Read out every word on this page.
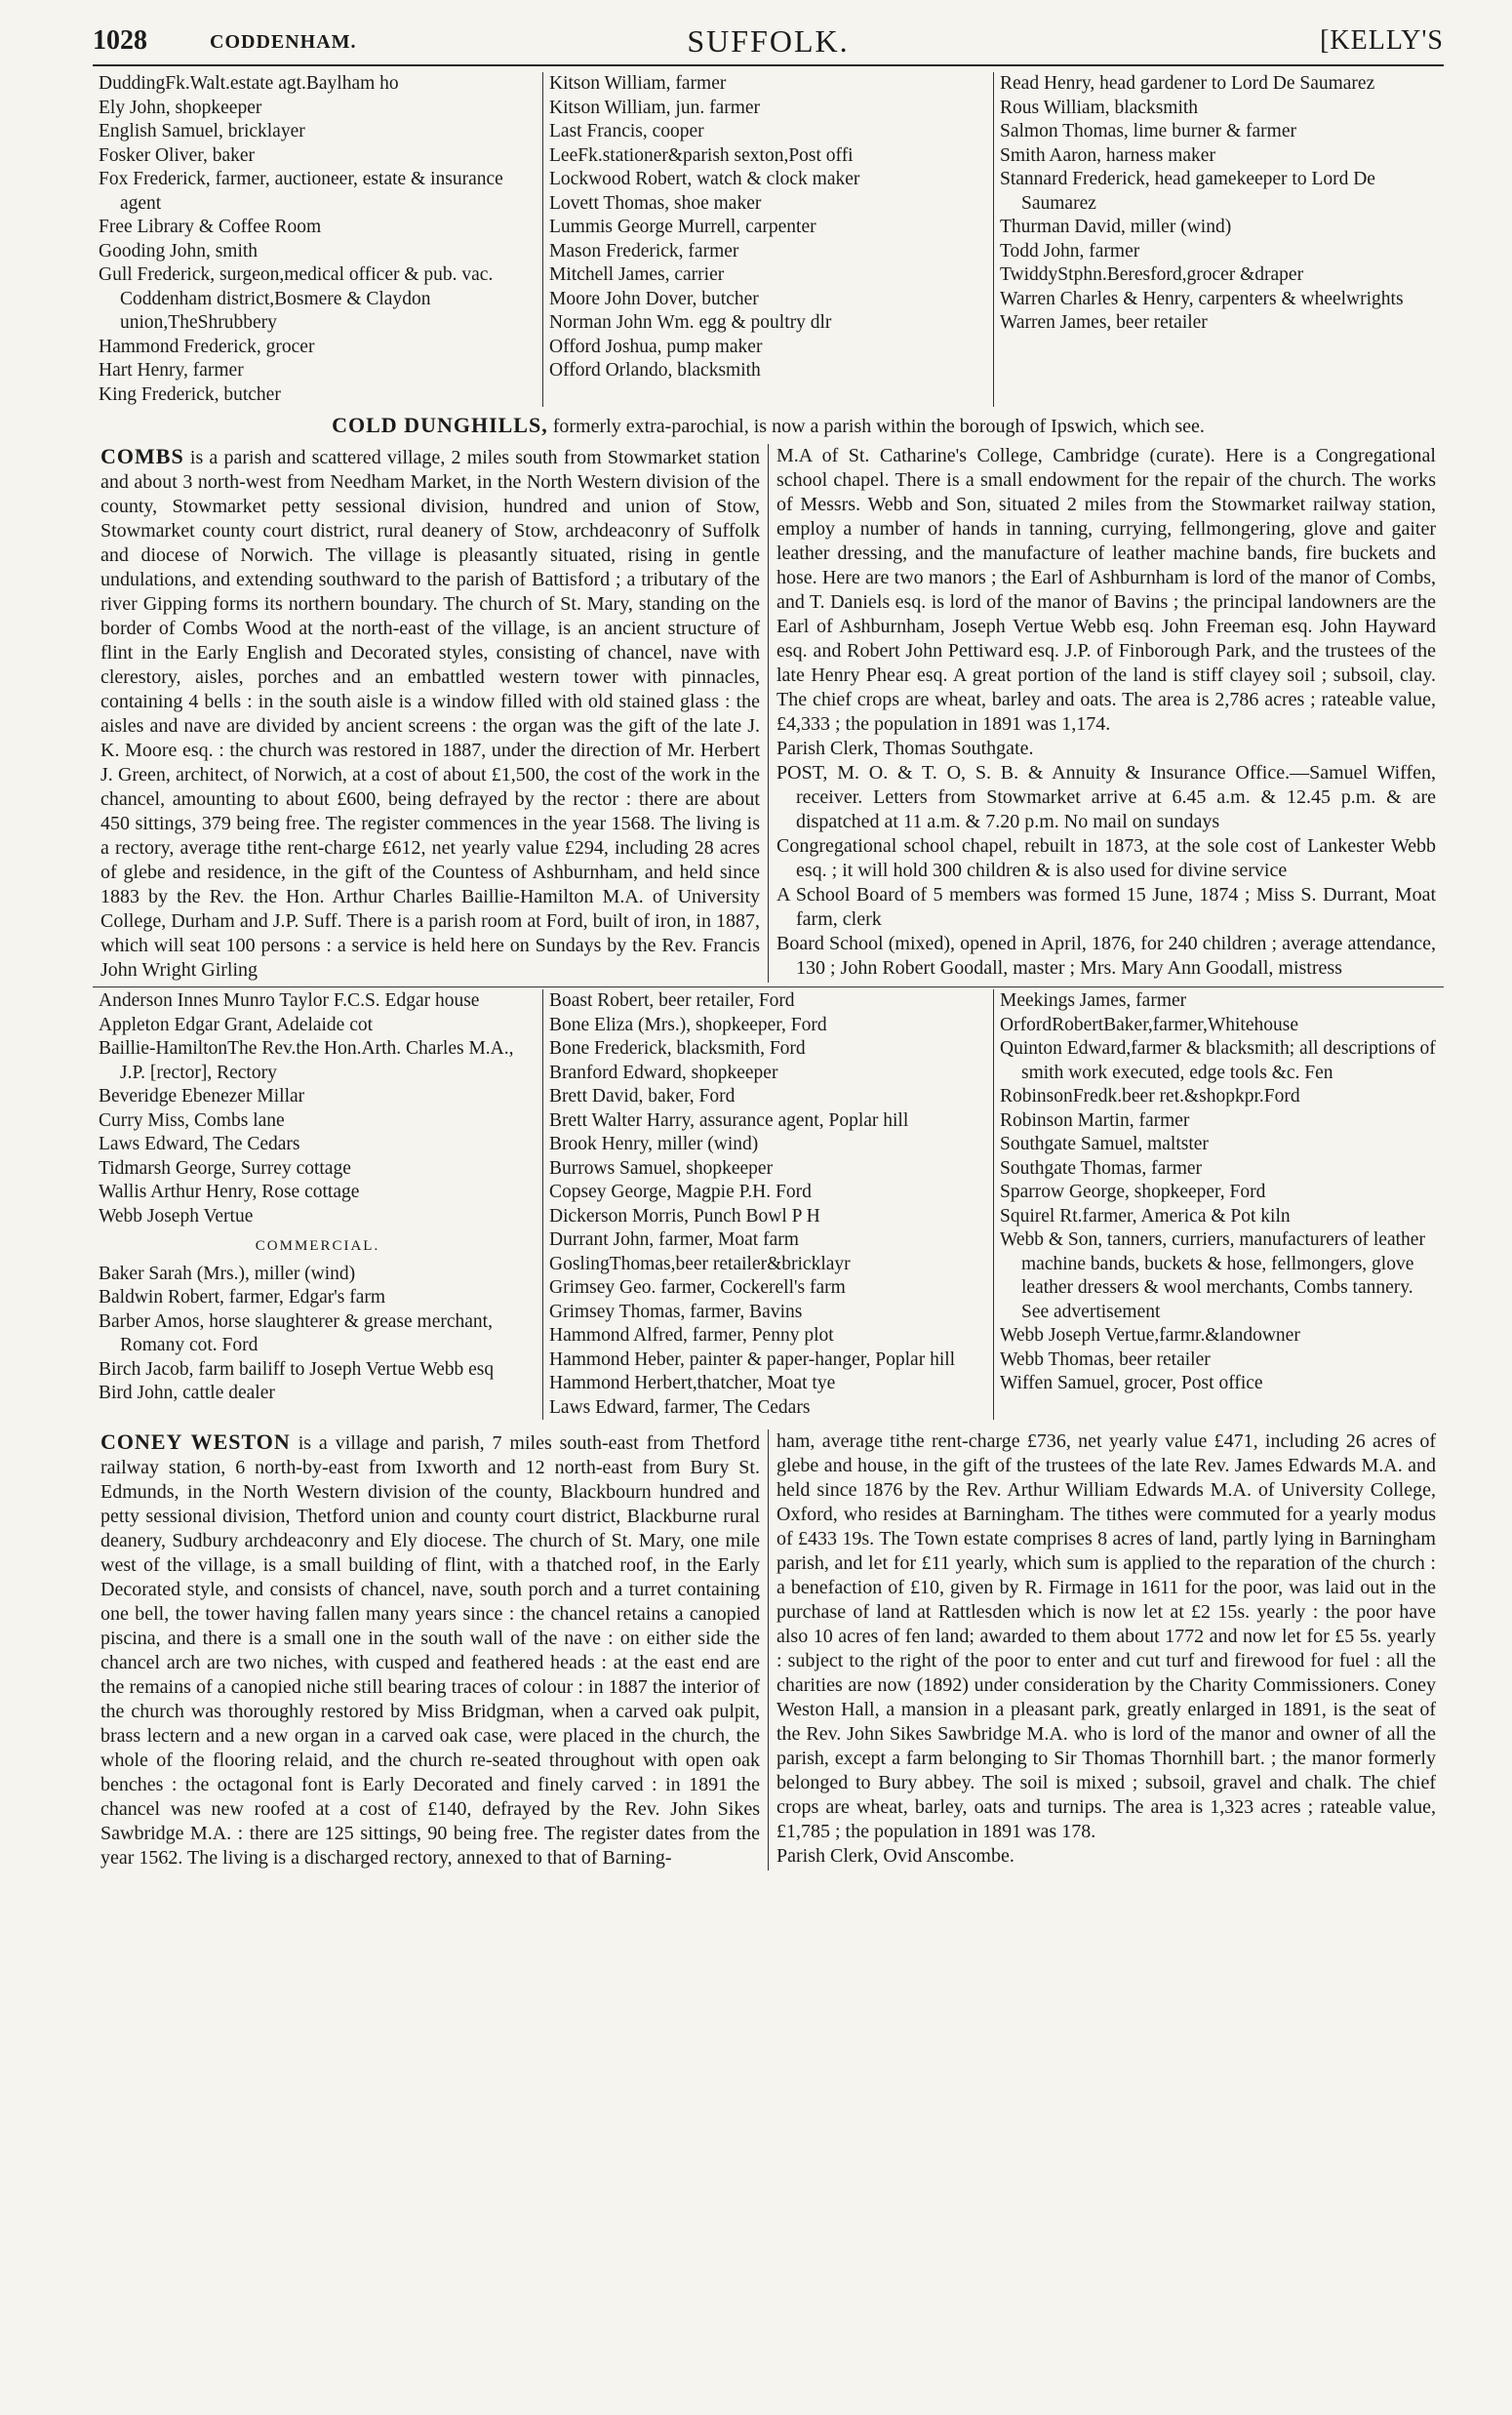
1028	CODDENHAM.	SUFFOLK.	[KELLY'S
DuddingFk.Walt.estate agt.Baylham ho
Ely John, shopkeeper
English Samuel, bricklayer
Fosker Oliver, baker
Fox Frederick, farmer, auctioneer, estate & insurance agent
Free Library & Coffee Room
Gooding John, smith
Gull Frederick, surgeon,medical officer & pub. vac. Coddenham district,Bosmere & Claydon union,TheShrubbery
Hammond Frederick, grocer
Hart Henry, farmer
King Frederick, butcher
Kitson William, farmer
Kitson William, jun. farmer
Last Francis, cooper
LeeFk.stationer&parish sexton,Post offi
Lockwood Robert, watch & clock maker
Lovett Thomas, shoe maker
Lummis George Murrell, carpenter
Mason Frederick, farmer
Mitchell James, carrier
Moore John Dover, butcher
Norman John Wm. egg & poultry dlr
Offord Joshua, pump maker
Offord Orlando, blacksmith
Read Henry, head gardener to Lord De Saumarez
Rous William, blacksmith
Salmon Thomas, lime burner & farmer
Smith Aaron, harness maker
Stannard Frederick, head gamekeeper to Lord De Saumarez
Thurman David, miller (wind)
Todd John, farmer
TwiddyStphn.Beresford,grocer &draper
Warren Charles & Henry, carpenters & wheelwrights
Warren James, beer retailer
COLD DUNGHILLS, formerly extra-parochial, is now a parish within the borough of Ipswich, which see.
COMBS is a parish and scattered village, 2 miles south from Stowmarket station and about 3 north-west from Needham Market, in the North Western division of the county, Stowmarket petty sessional division, hundred and union of Stow, Stowmarket county court district, rural deanery of Stow, archdeaconry of Suffolk and diocese of Norwich. The village is pleasantly situated, rising in gentle undulations, and extending southward to the parish of Battisford ; a tributary of the river Gipping forms its northern boundary. The church of St. Mary, standing on the border of Combs Wood at the north-east of the village, is an ancient structure of flint in the Early English and Decorated styles, consisting of chancel, nave with clerestory, aisles, porches and an embattled western tower with pinnacles, containing 4 bells : in the south aisle is a window filled with old stained glass : the aisles and nave are divided by ancient screens : the organ was the gift of the late J. K. Moore esq. : the church was restored in 1887, under the direction of Mr. Herbert J. Green, architect, of Norwich, at a cost of about £1,500, the cost of the work in the chancel, amounting to about £600, being defrayed by the rector : there are about 450 sittings, 379 being free. The register commences in the year 1568. The living is a rectory, average tithe rent-charge £612, net yearly value £294, including 28 acres of glebe and residence, in the gift of the Countess of Ashburnham, and held since 1883 by the Rev. the Hon. Arthur Charles Baillie-Hamilton M.A. of University College, Durham and J.P. Suff. There is a parish room at Ford, built of iron, in 1887, which will seat 100 persons : a service is held here on Sundays by the Rev. Francis John Wright Girling
M.A of St. Catharine's College, Cambridge (curate). Here is a Congregational school chapel. There is a small endowment for the repair of the church. The works of Messrs. Webb and Son, situated 2 miles from the Stowmarket railway station, employ a number of hands in tanning, currying, fellmongering, glove and gaiter leather dressing, and the manufacture of leather machine bands, fire buckets and hose. Here are two manors ; the Earl of Ashburnham is lord of the manor of Combs, and T. Daniels esq. is lord of the manor of Bavins ; the principal landowners are the Earl of Ashburnham, Joseph Vertue Webb esq. John Freeman esq. John Hayward esq. and Robert John Pettiward esq. J.P. of Finborough Park, and the trustees of the late Henry Phear esq. A great portion of the land is stiff clayey soil ; subsoil, clay. The chief crops are wheat, barley and oats. The area is 2,786 acres ; rateable value, £4,333 ; the population in 1891 was 1,174.
Parish Clerk, Thomas Southgate.
POST, M. O. & T. O, S. B. & Annuity & Insurance Office.—Samuel Wiffen, receiver. Letters from Stowmarket arrive at 6.45 a.m. & 12.45 p.m. & are dispatched at 11 a.m. & 7.20 p.m. No mail on sundays
Congregational school chapel, rebuilt in 1873, at the sole cost of Lankester Webb esq. ; it will hold 300 children & is also used for divine service
A School Board of 5 members was formed 15 June, 1874 ; Miss S. Durrant, Moat farm, clerk
Board School (mixed), opened in April, 1876, for 240 children ; average attendance, 130 ; John Robert Goodall, master ; Mrs. Mary Ann Goodall, mistress
Anderson Innes Munro Taylor F.C.S. Edgar house
Appleton Edgar Grant, Adelaide cot
Baillie-HamiltonThe Rev.the Hon.Arth. Charles M.A., J.P. [rector], Rectory
Beveridge Ebenezer Millar
Curry Miss, Combs lane
Laws Edward, The Cedars
Tidmarsh George, Surrey cottage
Wallis Arthur Henry, Rose cottage
Webb Joseph Vertue
COMMERCIAL.
Baker Sarah (Mrs.), miller (wind)
Baldwin Robert, farmer, Edgar's farm
Barber Amos, horse slaughterer & grease merchant, Romany cot. Ford
Birch Jacob, farm bailiff to Joseph Vertue Webb esq
Bird John, cattle dealer
Boast Robert, beer retailer, Ford
Bone Eliza (Mrs.), shopkeeper, Ford
Bone Frederick, blacksmith, Ford
Branford Edward, shopkeeper
Brett David, baker, Ford
Brett Walter Harry, assurance agent, Poplar hill
Brook Henry, miller (wind)
Burrows Samuel, shopkeeper
Copsey George, Magpie P.H. Ford
Dickerson Morris, Punch Bowl P H
Durrant John, farmer, Moat farm
GoslingThomas,beer retailer&bricklayr
Grimsey Geo. farmer, Cockerell's farm
Grimsey Thomas, farmer, Bavins
Hammond Alfred, farmer, Penny plot
Hammond Heber, painter & paper-hanger, Poplar hill
Hammond Herbert,thatcher, Moat tye
Laws Edward, farmer, The Cedars
Meekings James, farmer
OrfordRobertBaker,farmer,Whitehouse
Quinton Edward,farmer & blacksmith; all descriptions of smith work executed, edge tools &c. Fen
RobinsonFredk.beer ret.&shopkpr.Ford
Robinson Martin, farmer
Southgate Samuel, maltster
Southgate Thomas, farmer
Sparrow George, shopkeeper, Ford
Squirel Rt.farmer, America & Pot kiln
Webb & Son, tanners, curriers, manufacturers of leather machine bands, buckets & hose, fellmongers, glove leather dressers & wool merchants, Combs tannery. See advertisement
Webb Joseph Vertue,farmr.&landowner
Webb Thomas, beer retailer
Wiffen Samuel, grocer, Post office
CONEY WESTON is a village and parish, 7 miles south-east from Thetford railway station, 6 north-by-east from Ixworth and 12 north-east from Bury St. Edmunds, in the North Western division of the county, Blackbourn hundred and petty sessional division, Thetford union and county court district, Blackburne rural deanery, Sudbury archdeaconry and Ely diocese. The church of St. Mary, one mile west of the village, is a small building of flint, with a thatched roof, in the Early Decorated style, and consists of chancel, nave, south porch and a turret containing one bell, the tower having fallen many years since : the chancel retains a canopied piscina, and there is a small one in the south wall of the nave : on either side the chancel arch are two niches, with cusped and feathered heads : at the east end are the remains of a canopied niche still bearing traces of colour : in 1887 the interior of the church was thoroughly restored by Miss Bridgman, when a carved oak pulpit, brass lectern and a new organ in a carved oak case, were placed in the church, the whole of the flooring relaid, and the church re-seated throughout with open oak benches : the octagonal font is Early Decorated and finely carved : in 1891 the chancel was new roofed at a cost of £140, defrayed by the Rev. John Sikes Sawbridge M.A. : there are 125 sittings, 90 being free. The register dates from the year 1562. The living is a discharged rectory, annexed to that of Barning-
ham, average tithe rent-charge £736, net yearly value £471, including 26 acres of glebe and house, in the gift of the trustees of the late Rev. James Edwards M.A. and held since 1876 by the Rev. Arthur William Edwards M.A. of University College, Oxford, who resides at Barningham. The tithes were commuted for a yearly modus of £433 19s. The Town estate comprises 8 acres of land, partly lying in Barningham parish, and let for £11 yearly, which sum is applied to the reparation of the church : a benefaction of £10, given by R. Firmage in 1611 for the poor, was laid out in the purchase of land at Rattlesden which is now let at £2 15s. yearly : the poor have also 10 acres of fen land; awarded to them about 1772 and now let for £5 5s. yearly : subject to the right of the poor to enter and cut turf and firewood for fuel : all the charities are now (1892) under consideration by the Charity Commissioners. Coney Weston Hall, a mansion in a pleasant park, greatly enlarged in 1891, is the seat of the Rev. John Sikes Sawbridge M.A. who is lord of the manor and owner of all the parish, except a farm belonging to Sir Thomas Thornhill bart. ; the manor formerly belonged to Bury abbey. The soil is mixed ; subsoil, gravel and chalk. The chief crops are wheat, barley, oats and turnips. The area is 1,323 acres ; rateable value, £1,785 ; the population in 1891 was 178.
Parish Clerk, Ovid Anscombe.
